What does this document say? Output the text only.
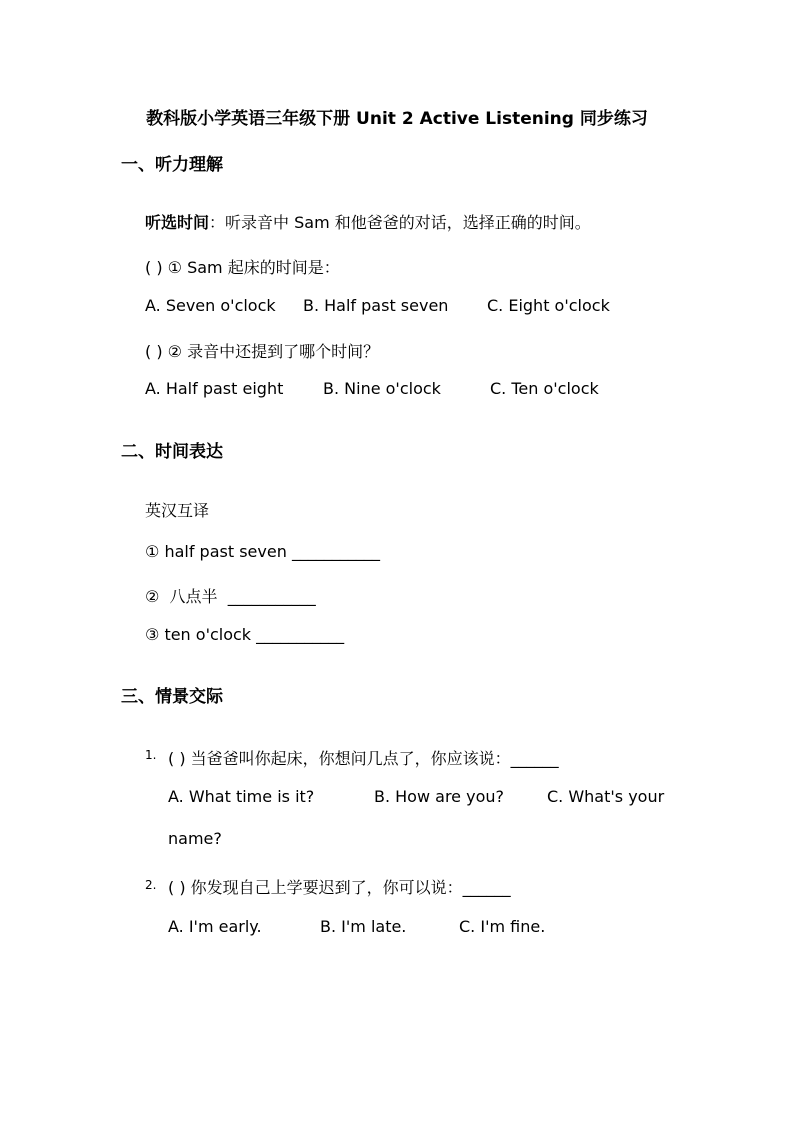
教科版小学英语三年级下册 Unit 2 Active Listening 同步练习
一、听力理解
听选时间：听录音中 Sam 和他爸爸的对话，选择正确的时间。
( ) ① Sam 起床的时间是：
A. Seven o'clock B. Half past seven C. Eight o'clock
( ) ② 录音中还提到了哪个时间？
A. Half past eight B. Nine o'clock	C. Ten o'clock
二、时间表达
英汉互译
① half past seven ___________
② 八点半 ___________
③ ten o'clock ___________
三、情景交际
1. ( ) 当爸爸叫你起床，你想问几点了，你应该说：______
A. What time is it?	B. How are you?	C. What's your
name?
2. ( ) 你发现自己上学要迟到了，你可以说：______
A. I'm early.	B. I'm late.	C. I'm fine.
